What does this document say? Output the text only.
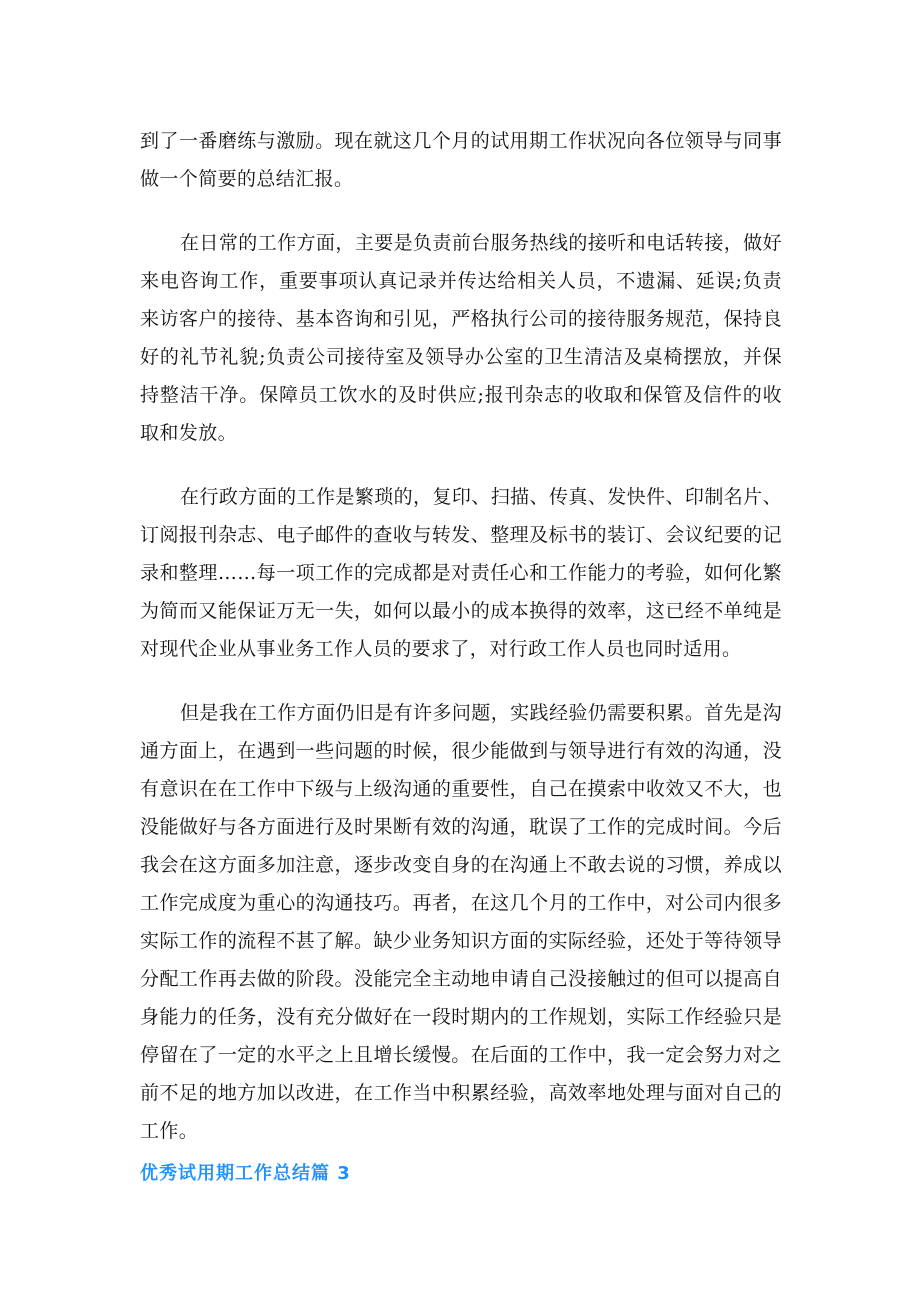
到了一番磨练与激励。现在就这几个月的试用期工作状况向各位领导与同事做一个简要的总结汇报。

在日常的工作方面，主要是负责前台服务热线的接听和电话转接，做好来电咨询工作，重要事项认真记录并传达给相关人员，不遗漏、延误;负责来访客户的接待、基本咨询和引见，严格执行公司的接待服务规范，保持良好的礼节礼貌;负责公司接待室及领导办公室的卫生清洁及桌椅摆放，并保持整洁干净。保障员工饮水的及时供应;报刊杂志的收取和保管及信件的收取和发放。

在行政方面的工作是繁琐的，复印、扫描、传真、发快件、印制名片、订阅报刊杂志、电子邮件的查收与转发、整理及标书的装订、会议纪要的记录和整理……每一项工作的完成都是对责任心和工作能力的考验，如何化繁为简而又能保证万无一失，如何以最小的成本换得的效率，这已经不单纯是对现代企业从事业务工作人员的要求了，对行政工作人员也同时适用。

但是我在工作方面仍旧是有许多问题，实践经验仍需要积累。首先是沟通方面上，在遇到一些问题的时候，很少能做到与领导进行有效的沟通，没有意识在在工作中下级与上级沟通的重要性，自己在摸索中收效又不大，也没能做好与各方面进行及时果断有效的沟通，耽误了工作的完成时间。今后我会在这方面多加注意，逐步改变自身的在沟通上不敢去说的习惯，养成以工作完成度为重心的沟通技巧。再者，在这几个月的工作中，对公司内很多实际工作的流程不甚了解。缺少业务知识方面的实际经验，还处于等待领导分配工作再去做的阶段。没能完全主动地申请自己没接触过的但可以提高自身能力的任务，没有充分做好在一段时期内的工作规划，实际工作经验只是停留在了一定的水平之上且增长缓慢。在后面的工作中，我一定会努力对之前不足的地方加以改进，在工作当中积累经验，高效率地处理与面对自己的工作。

优秀试用期工作总结篇 3
